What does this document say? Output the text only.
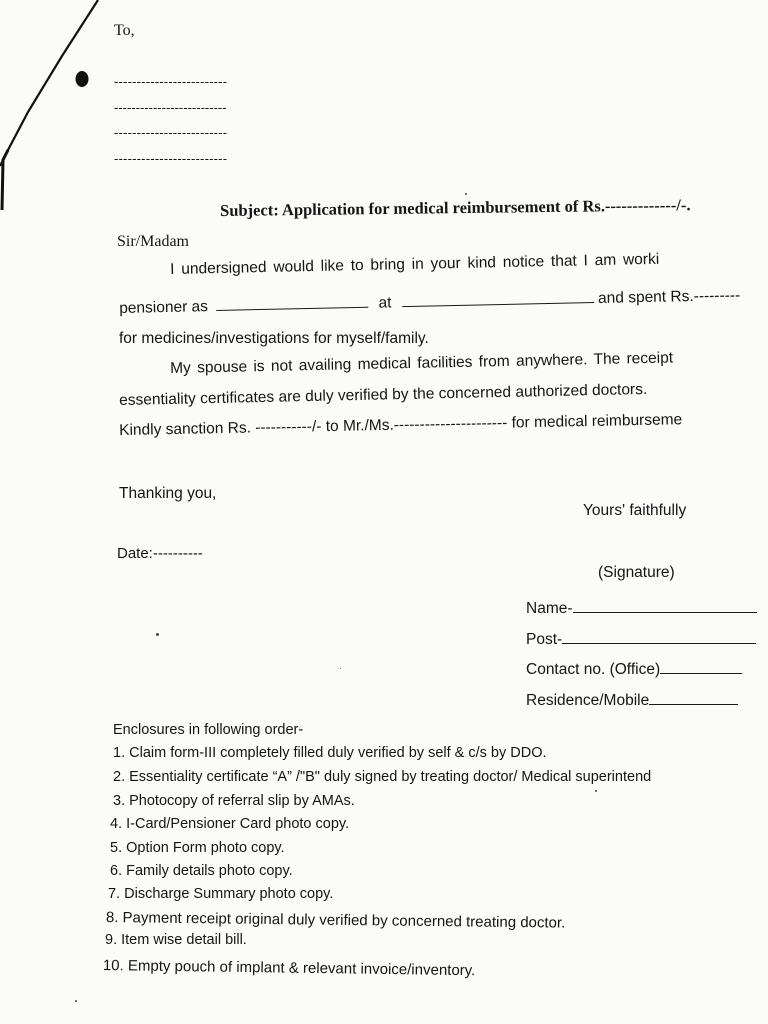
To,
-------------------------
--------------------------
-------------------------
-------------------------
Subject: Application for medical reimbursement of Rs.-------------/-.
Sir/Madam
I undersigned would like to bring in your kind notice that I am worki
pensioner as	at	and spent Rs.---------
for medicines/investigations for myself/family.
My spouse is not availing medical facilities from anywhere. The receipt
essentiality certificates are duly verified by the concerned authorized doctors.
Kindly sanction Rs. -----------/- to Mr./Ms.---------------------- for medical reimburseme
Thanking you,
Yours' faithfully
Date:----------
(Signature)
Name-
Post-
Contact no. (Office)
Residence/Mobile
Enclosures in following order-
1. Claim form-III completely filled duly verified by self & c/s by DDO.
2. Essentiality certificate “A” /"B" duly signed by treating doctor/ Medical superintend
3. Photocopy of referral slip by AMAs.
4. I-Card/Pensioner Card photo copy.
5. Option Form photo copy.
6. Family details photo copy.
7. Discharge Summary photo copy.
8. Payment receipt original duly verified by concerned treating doctor.
9. Item wise detail bill.
10. Empty pouch of implant & relevant invoice/inventory.
